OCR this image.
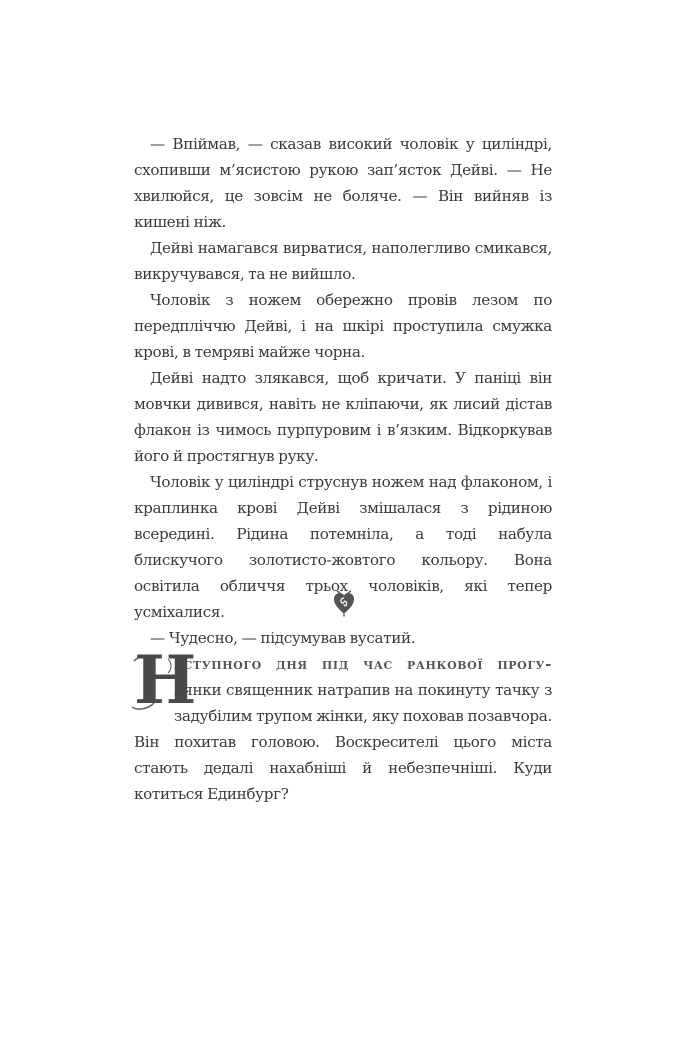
— Впіймав, — сказав високий чоловік у циліндрі, схопивши м’ясистою рукою зап’ясток Дейві. — Не хвилюйся, це зовсім не боляче. — Він вийняв із кишені ніж.

Дейві намагався вирватися, наполегливо смикався, викручувався, та не вийшло.

Чоловік з ножем обережно провів лезом по передпліччю Дейві, і на шкірі проступила смужка крові, в темряві майже чорна.

Дейві надто злякався, щоб кричати. У паніці він мовчки дивився, навіть не кліпаючи, як лисий дістав флакон із чимось пурпуровим і в’язким. Відкоркував його й простягнув руку.

Чоловік у циліндрі струснув ножем над флаконом, і краплинка крові Дейві змішалася з рідиною всередині. Рідина потемніла, а тоді набула блискучого золотисто-жовтого кольору. Вона освітила обличчя трьох чоловіків, які тепер усміхалися.

— Чудесно, — підсумував вусатий.

Н
аступного дня під час ранкової прогу- лянки священник натрапив на покинуту тачку з задубілим трупом жінки, яку поховав позавчора. Він похитав головою. Воскресителі цього міста стають дедалі нахабніші й небезпечніші. Куди котиться Единбург?
